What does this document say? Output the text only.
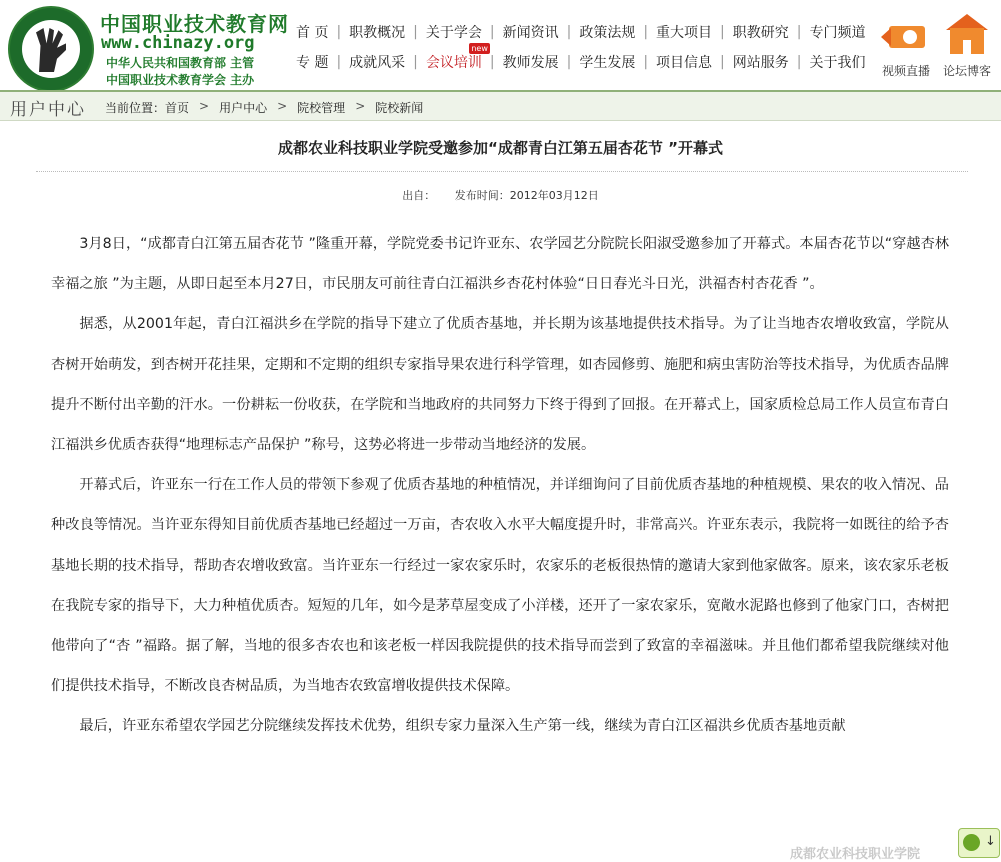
中国职业技术教育网
www.chinazy.org
中华人民共和国教育部 主管
中国职业技术教育学会 主办
首 页 | 职教概况 | 关于学会 | 新闻资讯 | 政策法规 | 重大项目 | 职教研究 | 专门频道
专 题 | 成就风采 | 会议培训
new
| 教师发展 | 学生发展 | 项目信息 | 网站服务 | 关于我们	视频直播	论坛博客
用户中心 当前位置： 首页 > 用户中心 > 院校管理 > 院校新闻
成都农业科技职业学院受邀参加“成都青白江第五届杏花节 ”开幕式
出自： 发布时间：2012年03月12日

3月8日，“成都青白江第五届杏花节 ”隆重开幕，学院党委书记许亚东、农学园艺分院院长阳淑受邀参加了开幕式。本届杏花节以“穿越杏林幸福之旅 ”为主题，从即日起至本月27日，市民朋友可前往青白江福洪乡杏花村体验“日日春光斗日光，洪福杏村杏花香 ”。

据悉，从2001年起，青白江福洪乡在学院的指导下建立了优质杏基地，并长期为该基地提供技术指导。为了让当地杏农增收致富，学院从杏树开始萌发，到杏树开花挂果，定期和不定期的组织专家指导果农进行科学管理，如杏园修剪、施肥和病虫害防治等技术指导，为优质杏品牌提升不断付出辛勤的汗水。一份耕耘一份收获，在学院和当地政府的共同努力下终于得到了回报。在开幕式上，国家质检总局工作人员宣布青白江福洪乡优质杏获得“地理标志产品保护 ”称号，这势必将进一步带动当地经济的发展。

开幕式后，许亚东一行在工作人员的带领下参观了优质杏基地的种植情况，并详细询问了目前优质杏基地的种植规模、果农的收入情况、品种改良等情况。当许亚东得知目前优质杏基地已经超过一万亩，杏农收入水平大幅度提升时，非常高兴。许亚东表示，我院将一如既往的给予杏基地长期的技术指导，帮助杏农增收致富。当许亚东一行经过一家农家乐时，农家乐的老板很热情的邀请大家到他家做客。原来，该农家乐老板在我院专家的指导下，大力种植优质杏。短短的几年，如今是茅草屋变成了小洋楼，还开了一家农家乐，宽敞水泥路也修到了他家门口，杏树把他带向了“杏 ”福路。据了解，当地的很多杏农也和该老板一样因我院提供的技术指导而尝到了致富的幸福滋味。并且他们都希望我院继续对他们提供技术指导，不断改良杏树品质，为当地杏农致富增收提供技术保障。

最后，许亚东希望农学园艺分院继续发挥技术优势，组织专家力量深入生产第一线，继续为青白江区福洪乡优质杏基地贡献

成都农业科技职业学院
↓
